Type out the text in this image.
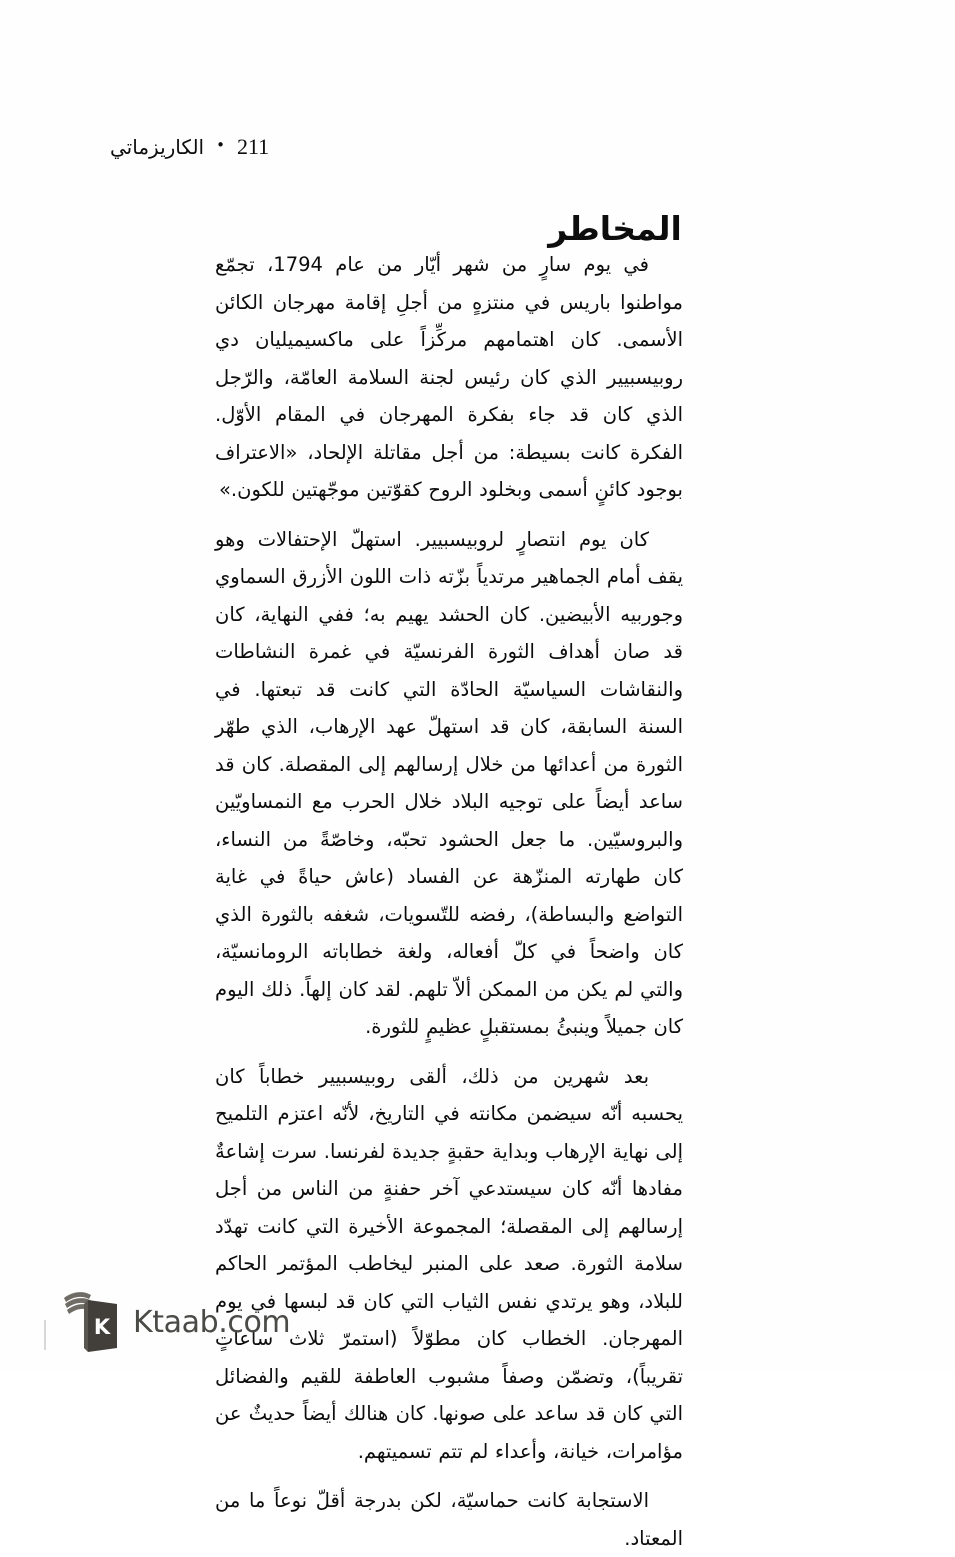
الكاريزماتي • 211
المخاطر

في يوم سارٍ من شهر أيّار من عام 1794، تجمّع مواطنوا باريس في منتزهٍ من أجلِ إقامة مهرجان الكائن الأسمى. كان اهتمامهم مركِّزاً على ماكسيميليان دي روبيسبيير الذي كان رئيس لجنة السلامة العامّة، والرّجل الذي كان قد جاء بفكرة المهرجان في المقام الأوّل. الفكرة كانت بسيطة: من أجل مقاتلة الإلحاد، «الاعتراف بوجود كائنٍ أسمى وبخلود الروح كقوّتين موجّهتين للكون.»

كان يوم انتصارٍ لروبيسبيير. استهلّ الإحتفالات وهو يقف أمام الجماهير مرتدياً بزّته ذات اللون الأزرق السماوي وجوربيه الأبيضين. كان الحشد يهيم به؛ ففي النهاية، كان قد صان أهداف الثورة الفرنسيّة في غمرة النشاطات والنقاشات السياسيّة الحادّة التي كانت قد تبعتها. في السنة السابقة، كان قد استهلّ عهد الإرهاب، الذي طهّر الثورة من أعدائها من خلال إرسالهم إلى المقصلة. كان قد ساعد أيضاً على توجيه البلاد خلال الحرب مع النمساويّين والبروسيّين. ما جعل الحشود تحبّه، وخاصّةً من النساء، كان طهارته المنزّهة عن الفساد (عاش حياةً في غاية التواضع والبساطة)، رفضه للتّسويات، شغفه بالثورة الذي كان واضحاً في كلّ أفعاله، ولغة خطاباته الرومانسيّة، والتي لم يكن من الممكن ألاّ تلهم. لقد كان إلهاً. ذلك اليوم كان جميلاً وينبئُ بمستقبلٍ عظيمٍ للثورة.

بعد شهرين من ذلك، ألقى روبيسبيير خطاباً كان يحسبه أنّه سيضمن مكانته في التاريخ، لأنّه اعتزم التلميح إلى نهاية الإرهاب وبداية حقبةٍ جديدة لفرنسا. سرت إشاعةٌ مفادها أنّه كان سيستدعي آخر حفنةٍ من الناس من أجل إرسالهم إلى المقصلة؛ المجموعة الأخيرة التي كانت تهدّد سلامة الثورة. صعد على المنبر ليخاطب المؤتمر الحاكم للبلاد، وهو يرتدي نفس الثياب التي كان قد لبسها في يوم المهرجان. الخطاب كان مطوّلاً (استمرّ ثلاث ساعاتٍ تقريباً)، وتضمّن وصفاً مشبوب العاطفة للقيم والفضائل التي كان قد ساعد على صونها. كان هنالك أيضاً حديثٌ عن مؤامرات، خيانة، وأعداء لم تتم تسميتهم.

الاستجابة كانت حماسيّة، لكن بدرجة أقلّ نوعاً ما من المعتاد.

K Ktaab.com
